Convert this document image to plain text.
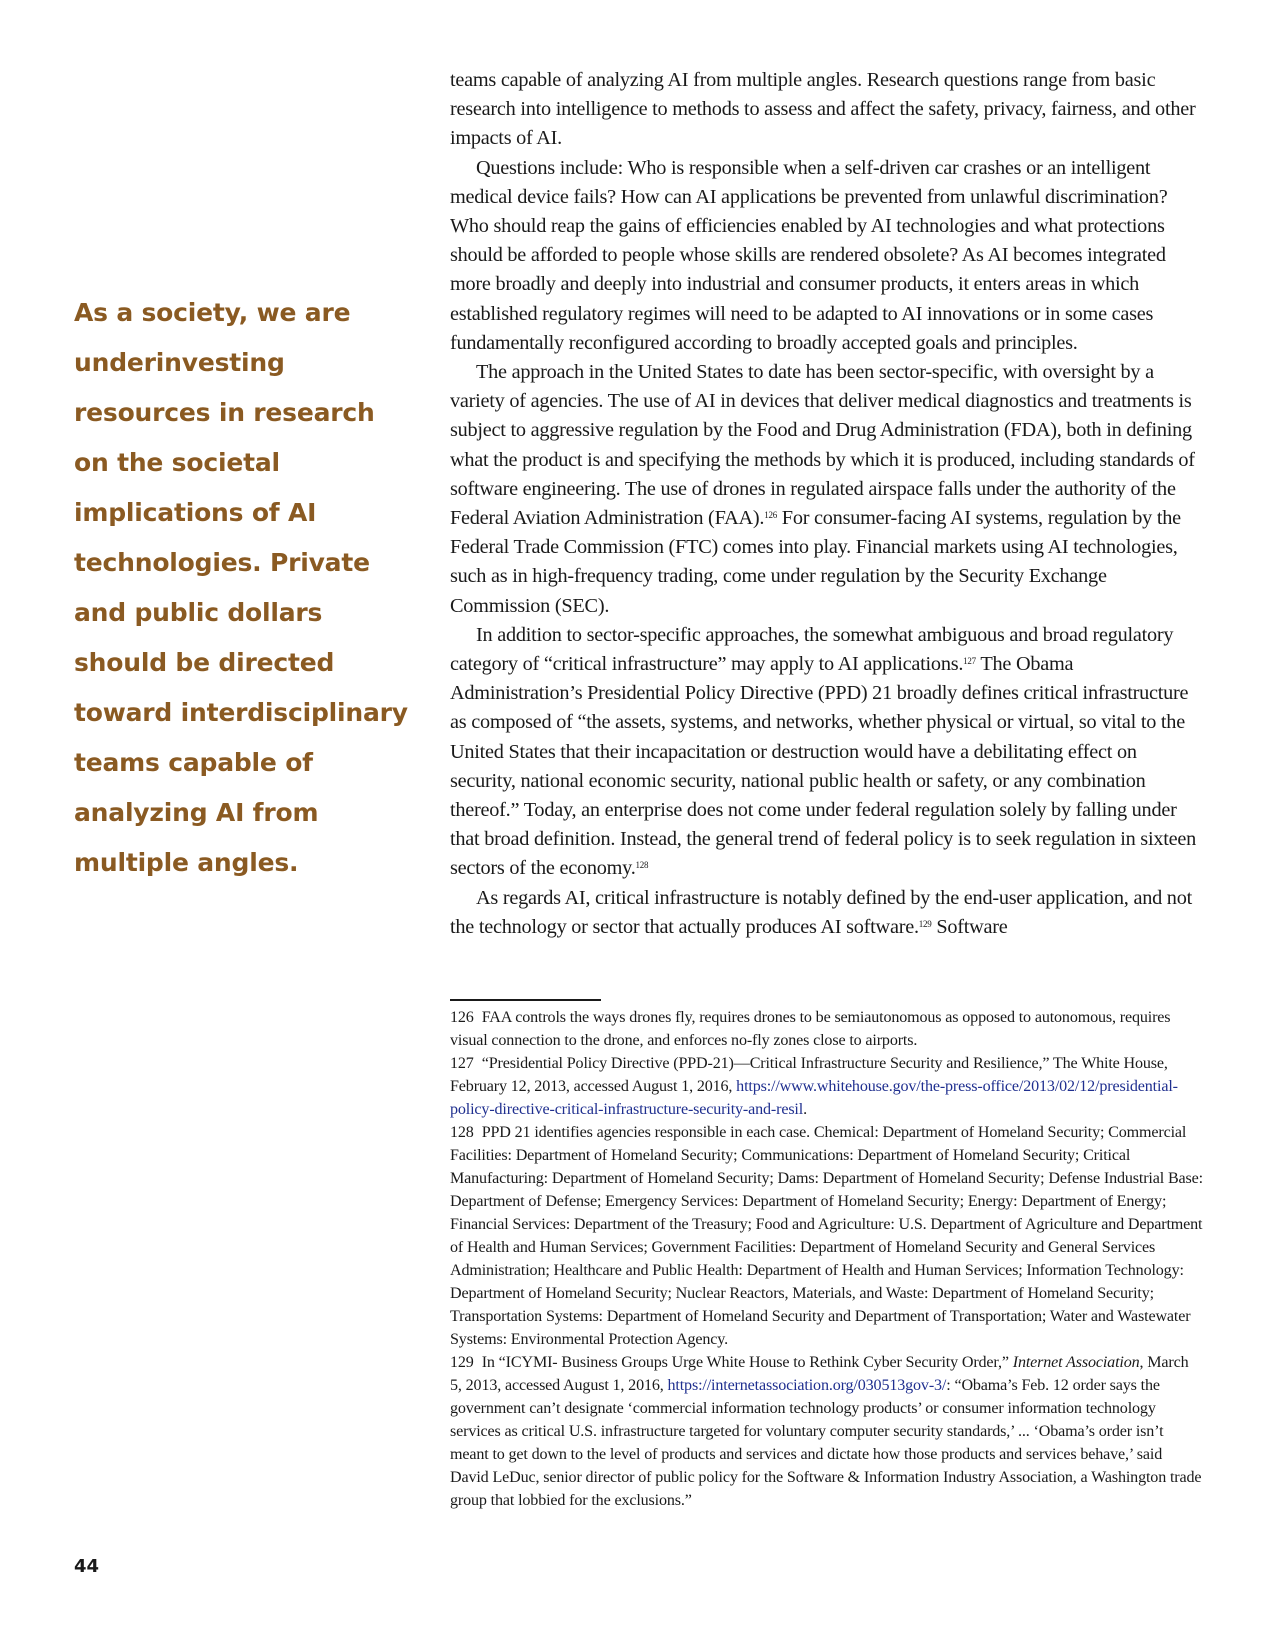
As a society, we are underinvesting resources in research on the societal implications of AI technologies. Private and public dollars should be directed toward interdisciplinary teams capable of analyzing AI from multiple angles.

teams capable of analyzing AI from multiple angles. Research questions range from basic research into intelligence to methods to assess and affect the safety, privacy, fairness, and other impacts of AI.

Questions include: Who is responsible when a self-driven car crashes or an intelligent medical device fails? How can AI applications be prevented from unlawful discrimination? Who should reap the gains of efficiencies enabled by AI technologies and what protections should be afforded to people whose skills are rendered obsolete? As AI becomes integrated more broadly and deeply into industrial and consumer products, it enters areas in which established regulatory regimes will need to be adapted to AI innovations or in some cases fundamentally reconfigured according to broadly accepted goals and principles.

The approach in the United States to date has been sector-specific, with oversight by a variety of agencies. The use of AI in devices that deliver medical diagnostics and treatments is subject to aggressive regulation by the Food and Drug Administration (FDA), both in defining what the product is and specifying the methods by which it is produced, including standards of software engineering. The use of drones in regulated airspace falls under the authority of the Federal Aviation Administration (FAA).$^{126}$ For consumer-facing AI systems, regulation by the Federal Trade Commission (FTC) comes into play. Financial markets using AI technologies, such as in high-frequency trading, come under regulation by the Security Exchange Commission (SEC).

In addition to sector-specific approaches, the somewhat ambiguous and broad regulatory category of “critical infrastructure” may apply to AI applications.$^{127}$ The Obama Administration’s Presidential Policy Directive (PPD) 21 broadly defines critical infrastructure as composed of “the assets, systems, and networks, whether physical or virtual, so vital to the United States that their incapacitation or destruction would have a debilitating effect on security, national economic security, national public health or safety, or any combination thereof.” Today, an enterprise does not come under federal regulation solely by falling under that broad definition. Instead, the general trend of federal policy is to seek regulation in sixteen sectors of the economy.$^{128}$

As regards AI, critical infrastructure is notably defined by the end-user application, and not the technology or sector that actually produces AI software.$^{129}$ Software

126 FAA controls the ways drones fly, requires drones to be semiautonomous as opposed to autonomous, requires visual connection to the drone, and enforces no-fly zones close to airports.

127 “Presidential Policy Directive (PPD-21)—Critical Infrastructure Security and Resilience,” The White House, February 12, 2013, accessed August 1, 2016, https://www.whitehouse.gov/the-press-office/2013/02/12/presidential-policy-directive-critical-infrastructure-security-and-resil.

128 PPD 21 identifies agencies responsible in each case. Chemical: Department of Homeland Security; Commercial Facilities: Department of Homeland Security; Communications: Department of Homeland Security; Critical Manufacturing: Department of Homeland Security; Dams: Department of Homeland Security; Defense Industrial Base: Department of Defense; Emergency Services: Department of Homeland Security; Energy: Department of Energy; Financial Services: Department of the Treasury; Food and Agriculture: U.S. Department of Agriculture and Department of Health and Human Services; Government Facilities: Department of Homeland Security and General Services Administration; Healthcare and Public Health: Department of Health and Human Services; Information Technology: Department of Homeland Security; Nuclear Reactors, Materials, and Waste: Department of Homeland Security; Transportation Systems: Department of Homeland Security and Department of Transportation; Water and Wastewater Systems: Environmental Protection Agency.

129 In “ICYMI- Business Groups Urge White House to Rethink Cyber Security Order,” Internet Association, March 5, 2013, accessed August 1, 2016, https://internetassociation.org/030513gov-3/: “Obama’s Feb. 12 order says the government can’t designate ‘commercial information technology products’ or consumer information technology services as critical U.S. infrastructure targeted for voluntary computer security standards,’ ... ‘Obama’s order isn’t meant to get down to the level of products and services and dictate how those products and services behave,’ said David LeDuc, senior director of public policy for the Software & Information Industry Association, a Washington trade group that lobbied for the exclusions.”

44
